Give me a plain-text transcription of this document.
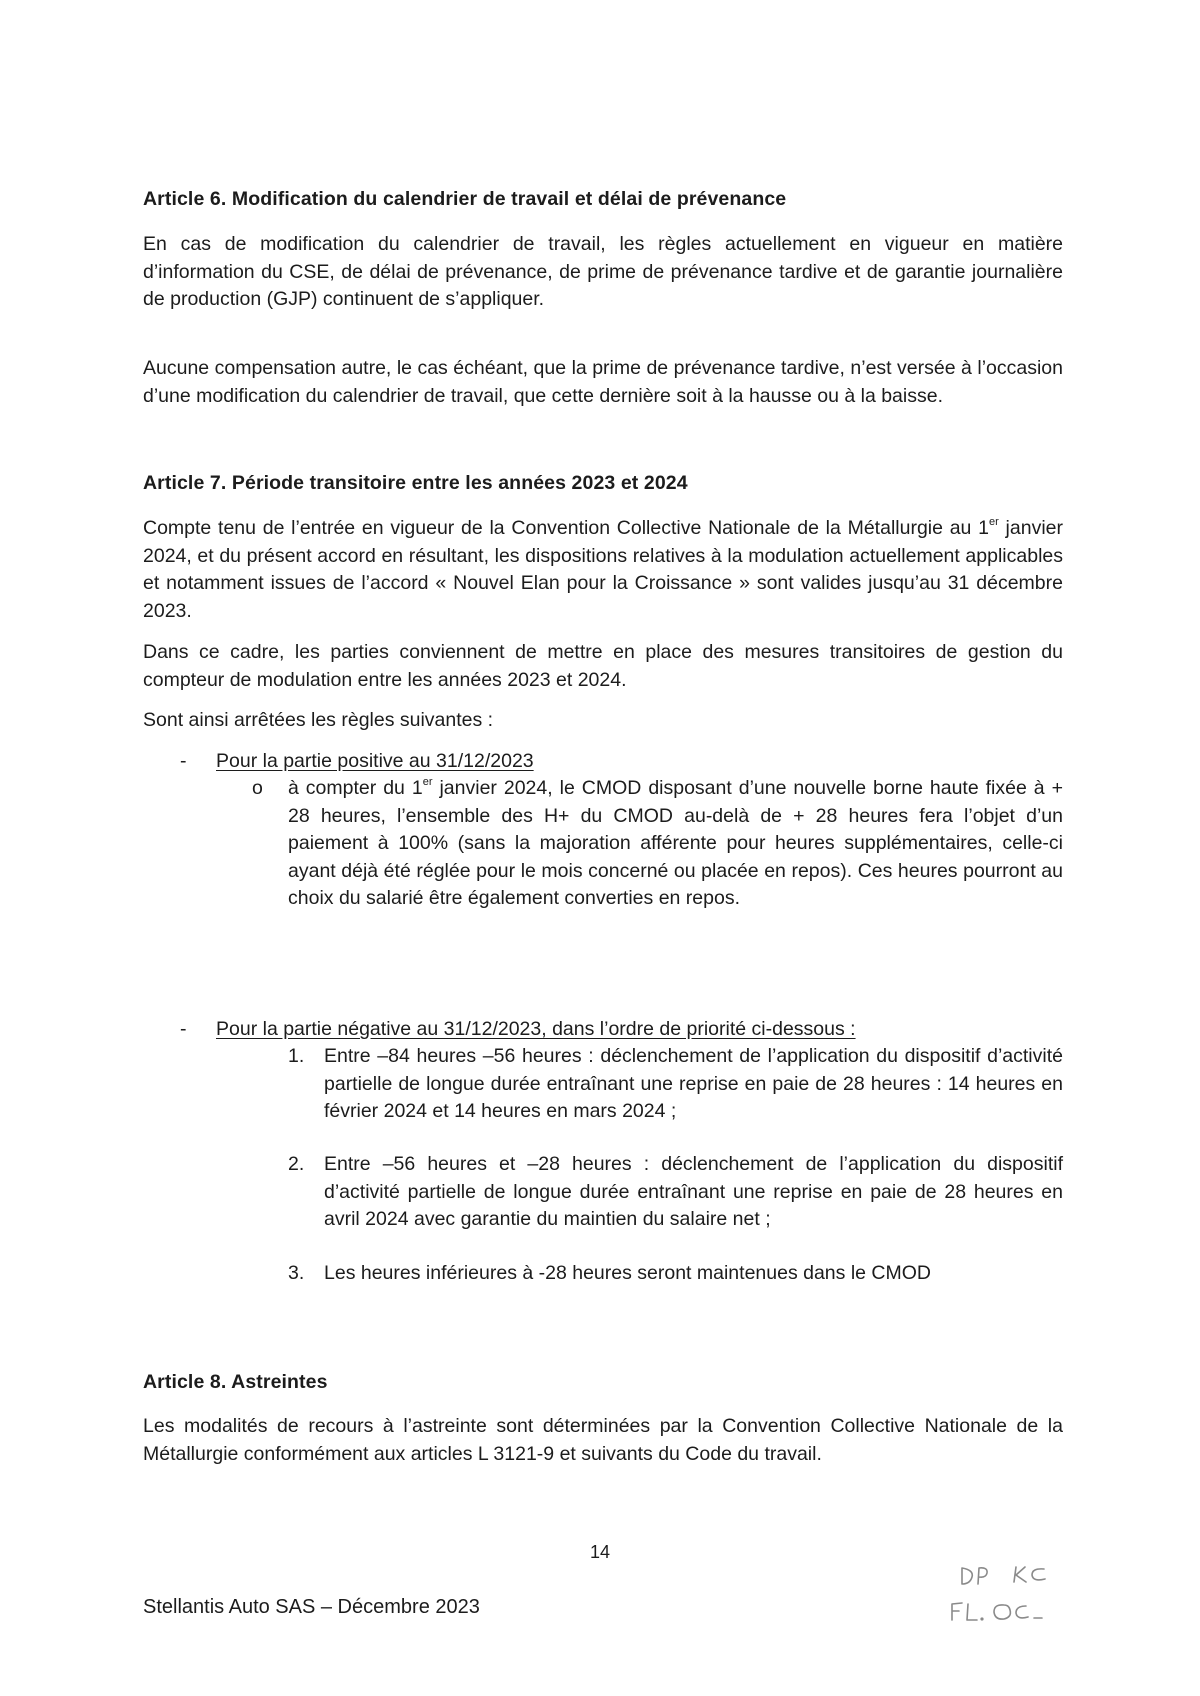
Article 6. Modification du calendrier de travail et délai de prévenance
En cas de modification du calendrier de travail, les règles actuellement en vigueur en matière d’information du CSE, de délai de prévenance, de prime de prévenance tardive et de garantie journalière de production (GJP) continuent de s’appliquer.
Aucune compensation autre, le cas échéant, que la prime de prévenance tardive, n’est versée à l’occasion d’une modification du calendrier de travail, que cette dernière soit à la hausse ou à la baisse.
Article 7. Période transitoire entre les années 2023 et 2024
Compte tenu de l’entrée en vigueur de la Convention Collective Nationale de la Métallurgie au 1er janvier 2024, et du présent accord en résultant, les dispositions relatives à la modulation actuellement applicables et notamment issues de l’accord « Nouvel Elan pour la Croissance » sont valides jusqu’au 31 décembre 2023.
Dans ce cadre, les parties conviennent de mettre en place des mesures transitoires de gestion du compteur de modulation entre les années 2023 et 2024.
Sont ainsi arrêtées les règles suivantes :
- Pour la partie positive au 31/12/2023
o à compter du 1er janvier 2024, le CMOD disposant d’une nouvelle borne haute fixée à + 28 heures, l’ensemble des H+ du CMOD au-delà de + 28 heures fera l’objet d’un paiement à 100% (sans la majoration afférente pour heures supplémentaires, celle-ci ayant déjà été réglée pour le mois concerné ou placée en repos). Ces heures pourront au choix du salarié être également converties en repos.
- Pour la partie négative au 31/12/2023, dans l’ordre de priorité ci-dessous :
1. Entre –84 heures –56 heures : déclenchement de l’application du dispositif d’activité partielle de longue durée entraînant une reprise en paie de 28 heures : 14 heures en février 2024 et 14 heures en mars 2024 ;
2. Entre –56 heures et –28 heures : déclenchement de l’application du dispositif d’activité partielle de longue durée entraînant une reprise en paie de 28 heures en avril 2024 avec garantie du maintien du salaire net ;
3. Les heures inférieures à -28 heures seront maintenues dans le CMOD
Article 8. Astreintes
Les modalités de recours à l’astreinte sont déterminées par la Convention Collective Nationale de la Métallurgie conformément aux articles L 3121-9 et suivants du Code du travail.
14
Stellantis Auto SAS – Décembre 2023
